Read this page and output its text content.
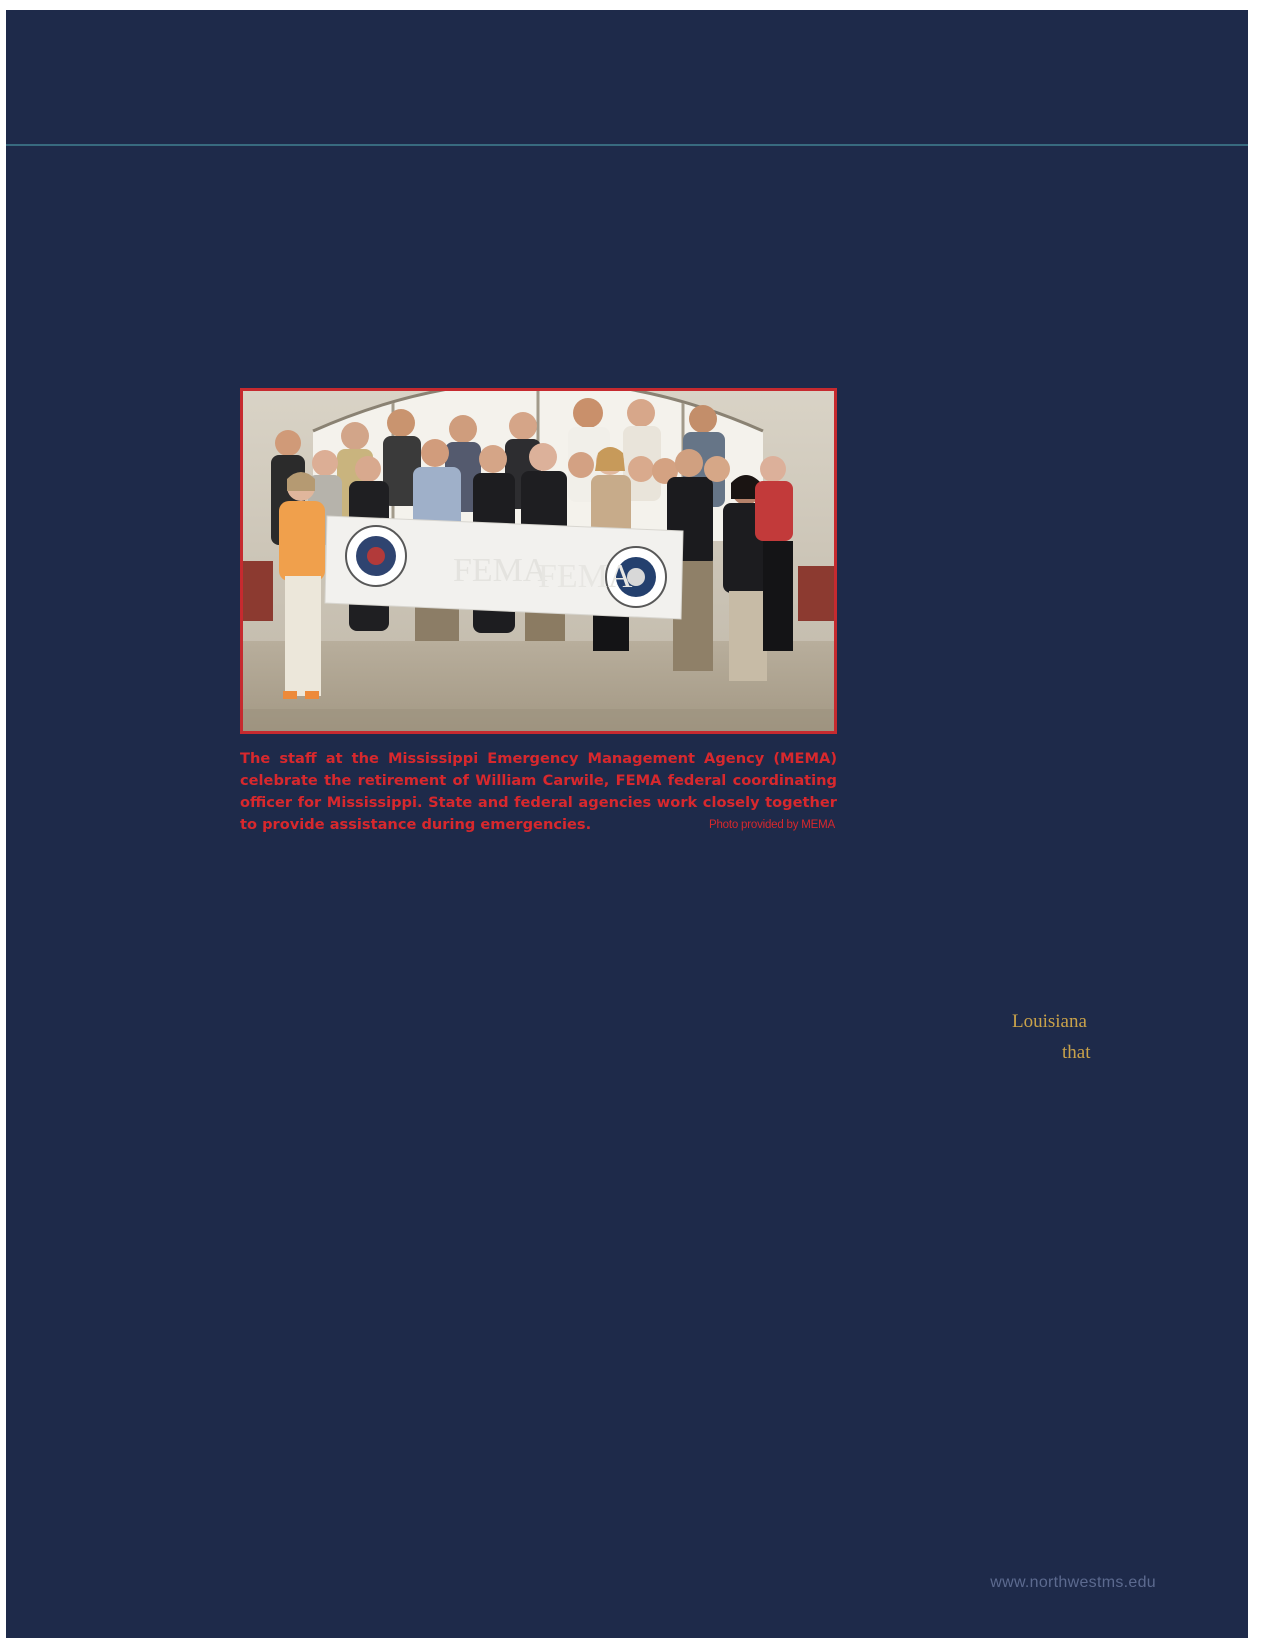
FEMA
FEMA
The staff at the Mississippi Emergency Management Agency (MEMA) celebrate the retirement of William Carwile, FEMA federal coordinating officer for Mississippi. State and federal agencies work closely together to provide assistance during emergencies.	Photo provided by MEMA
Louisiana
that
www.northwestms.edu
